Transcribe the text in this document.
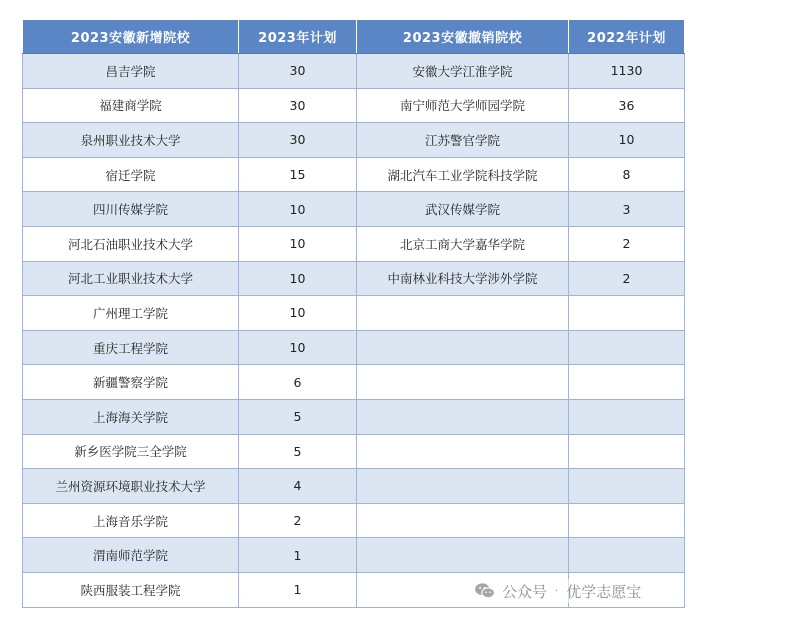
2023安徽新增院校	2023年计划	2023安徽撤销院校	2022年计划
昌吉学院	30	安徽大学江淮学院	1130
福建商学院	30	南宁师范大学师园学院	36
泉州职业技术大学	30	江苏警官学院	10
宿迁学院	15	湖北汽车工业学院科技学院	8
四川传媒学院	10	武汉传媒学院	3
河北石油职业技术大学	10	北京工商大学嘉华学院	2
河北工业职业技术大学	10	中南林业科技大学涉外学院	2
广州理工学院	10		
重庆工程学院	10		
新疆警察学院	6		
上海海关学院	5		
新乡医学院三全学院	5		
兰州资源环境职业技术大学	4		
上海音乐学院	2		
渭南师范学院	1		
陕西服装工程学院	1			公众号 · 优学志愿宝
